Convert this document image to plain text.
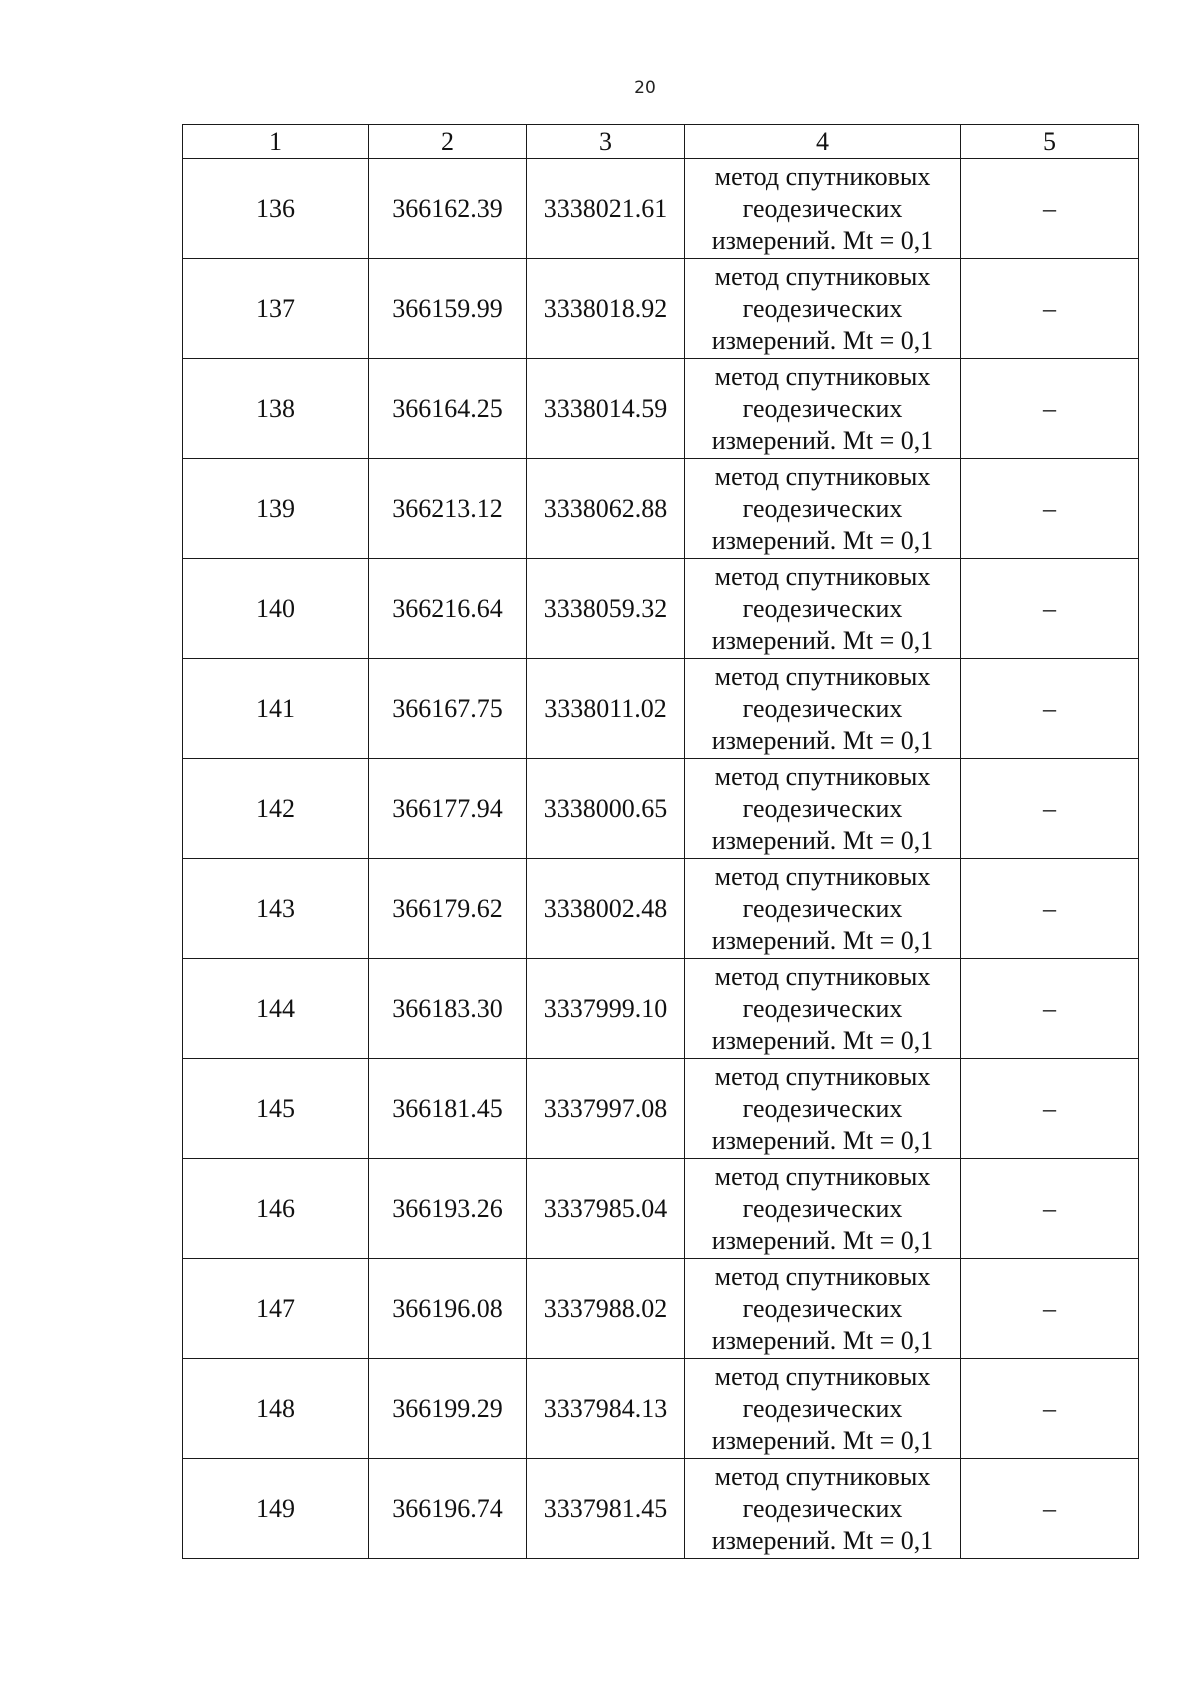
20
1	2	3	4	5
136	366162.39	3338021.61	метод спутниковых
геодезических
измерений. Mt = 0,1	–
137	366159.99	3338018.92	метод спутниковых
геодезических
измерений. Mt = 0,1	–
138	366164.25	3338014.59	метод спутниковых
геодезических
измерений. Mt = 0,1	–
139	366213.12	3338062.88	метод спутниковых
геодезических
измерений. Mt = 0,1	–
140	366216.64	3338059.32	метод спутниковых
геодезических
измерений. Mt = 0,1	–
141	366167.75	3338011.02	метод спутниковых
геодезических
измерений. Mt = 0,1	–
142	366177.94	3338000.65	метод спутниковых
геодезических
измерений. Mt = 0,1	–
143	366179.62	3338002.48	метод спутниковых
геодезических
измерений. Mt = 0,1	–
144	366183.30	3337999.10	метод спутниковых
геодезических
измерений. Mt = 0,1	–
145	366181.45	3337997.08	метод спутниковых
геодезических
измерений. Mt = 0,1	–
146	366193.26	3337985.04	метод спутниковых
геодезических
измерений. Mt = 0,1	–
147	366196.08	3337988.02	метод спутниковых
геодезических
измерений. Mt = 0,1	–
148	366199.29	3337984.13	метод спутниковых
геодезических
измерений. Mt = 0,1	–
149	366196.74	3337981.45	метод спутниковых
геодезических
измерений. Mt = 0,1	–
